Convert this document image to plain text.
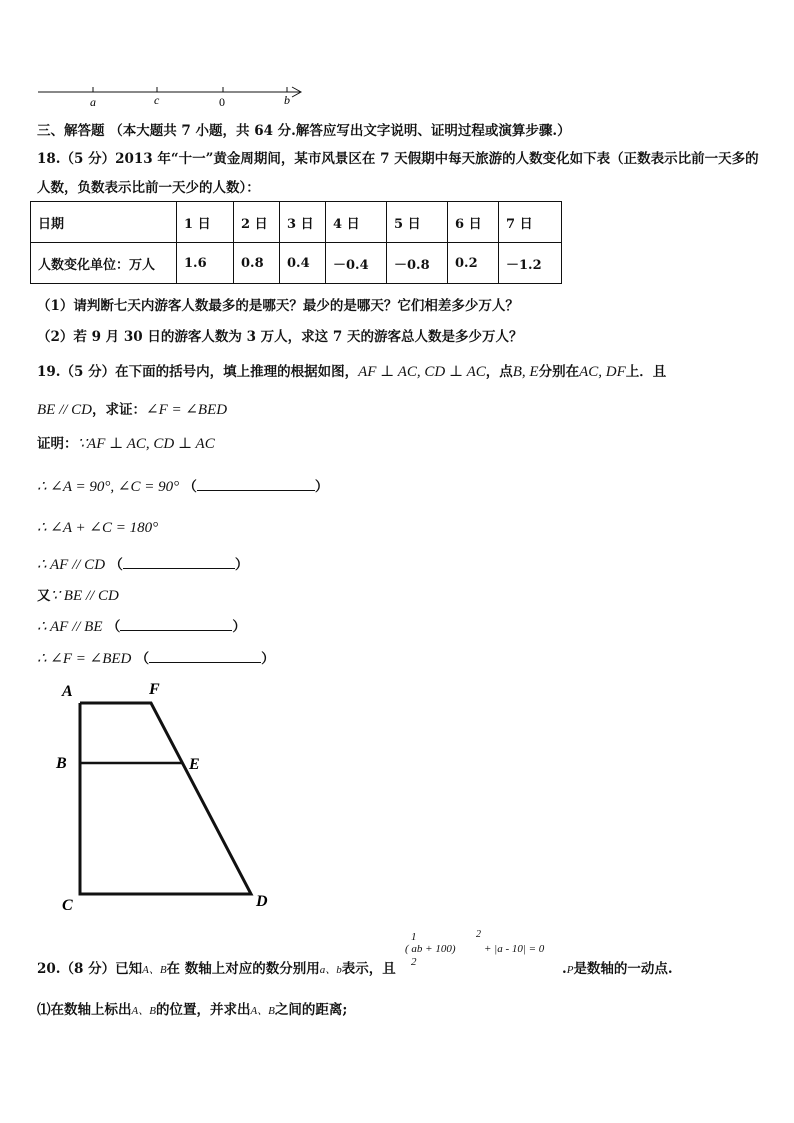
a	c	0	b
三、解答题 （本大题共 7 小题，共 64 分.解答应写出文字说明、证明过程或演算步骤.）
18.（5 分）2013 年“十一”黄金周期间，某市风景区在 7 天假期中每天旅游的人数变化如下表（正数表示比前一天多的
人数，负数表示比前一天少的人数）：
日期	1 日	2 日	3 日	4 日	5 日	6 日	7 日
人数变化单位：万人	1.6	0.8	0.4	－0.4	－0.8	0.2	－1.2
（1）请判断七天内游客人数最多的是哪天？最少的是哪天？它们相差多少万人？
（2）若 9 月 30 日的游客人数为 3 万人，求这 7 天的游客总人数是多少万人？
19.（5 分）在下面的括号内，填上推理的根据如图，AF ⊥ AC, CD ⊥ AC，点B, E分别在AC, DF上．且
BE // CD，求证：∠F = ∠BED
证明：∵AF ⊥ AC, CD ⊥ AC
∴ ∠A = 90°, ∠C = 90° （	）
∴ ∠A + ∠C = 180°
∴ AF // CD （	）
又∵ BE // CD
∴ AF // BE （	）
∴ ∠F = ∠BED （	）
A	F
B	E
C	D
20.（8 分）已知A、B在 数轴上对应的数分别用a、b表示，且
1
2
( ab + 100)
2
+ |a - 10| = 0
.P是数轴的一动点.
⑴在数轴上标出A、B的位置，并求出A、B之间的距离;
